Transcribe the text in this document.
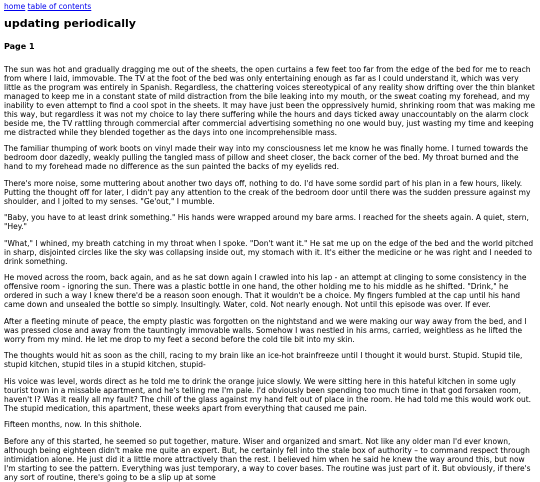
home table of contents
updating periodically
Page 1

The sun was hot and gradually dragging me out of the sheets, the open curtains a few feet too far from the edge of the bed for me to reach from where I laid, immovable. The TV at the foot of the bed was only entertaining enough as far as I could understand it, which was very little as the program was entirely in Spanish. Regardless, the chattering voices stereotypical of any reality show drifting over the thin blanket managed to keep me in a constant state of mild distraction from the bile leaking into my mouth, or the sweat coating my forehead, and my inability to even attempt to find a cool spot in the sheets. It may have just been the oppressively humid, shrinking room that was making me this way, but regardless it was not my choice to lay there suffering while the hours and days ticked away unaccountably on the alarm clock beside me, the TV rattling through commercial after commercial advertising something no one would buy, just wasting my time and keeping me distracted while they blended together as the days into one incomprehensible mass.

The familiar thumping of work boots on vinyl made their way into my consciousness let me know he was finally home. I turned towards the bedroom door dazedly, weakly pulling the tangled mass of pillow and sheet closer, the back corner of the bed. My throat burned and the hand to my forehead made no difference as the sun painted the backs of my eyelids red.

There's more noise, some muttering about another two days off, nothing to do. I'd have some sordid part of his plan in a few hours, likely. Putting the thought off for later, I didn't pay any attention to the creak of the bedroom door until there was the sudden pressure against my shoulder, and I jolted to my senses. "Ge'out," I mumble.

"Baby, you have to at least drink something." His hands were wrapped around my bare arms. I reached for the sheets again. A quiet, stern, "Hey."

"What," I whined, my breath catching in my throat when I spoke. "Don't want it." He sat me up on the edge of the bed and the world pitched in sharp, disjointed circles like the sky was collapsing inside out, my stomach with it. It's either the medicine or he was right and I needed to drink something.

He moved across the room, back again, and as he sat down again I crawled into his lap - an attempt at clinging to some consistency in the offensive room - ignoring the sun. There was a plastic bottle in one hand, the other holding me to his middle as he shifted. "Drink," he ordered in such a way I knew there'd be a reason soon enough. That it wouldn't be a choice. My fingers fumbled at the cap until his hand came down and unsealed the bottle so simply. Insultingly. Water, cold. Not nearly enough. Not until this episode was over. If ever.

After a fleeting minute of peace, the empty plastic was forgotten on the nightstand and we were making our way away from the bed, and I was pressed close and away from the tauntingly immovable walls. Somehow I was nestled in his arms, carried, weightless as he lifted the worry from my mind. He let me drop to my feet a second before the cold tile bit into my skin.

The thoughts would hit as soon as the chill, racing to my brain like an ice-hot brainfreeze until I thought it would burst. Stupid. Stupid tile, stupid kitchen, stupid tiles in a stupid kitchen, stupid-

His voice was level, words direct as he told me to drink the orange juice slowly. We were sitting here in this hateful kitchen in some ugly tourist town in a missable apartment, and he's telling me I'm pale. I'd obviously been spending too much time in that god forsaken room, haven't I? Was it really all my fault? The chill of the glass against my hand felt out of place in the room. He had told me this would work out. The stupid medication, this apartment, these weeks apart from everything that caused me pain.

Fifteen months, now. In this shithole.

Before any of this started, he seemed so put together, mature. Wiser and organized and smart. Not like any older man I'd ever known, although being eighteen didn't make me quite an expert. But, he certainly fell into the stale box of authority – to command respect through intimidation alone. He just did it a little more attractively than the rest. I believed him when he said he knew the way around this, but now I'm starting to see the pattern. Everything was just temporary, a way to cover bases. The routine was just part of it. But obviously, if there's any sort of routine, there's going to be a slip up at some
